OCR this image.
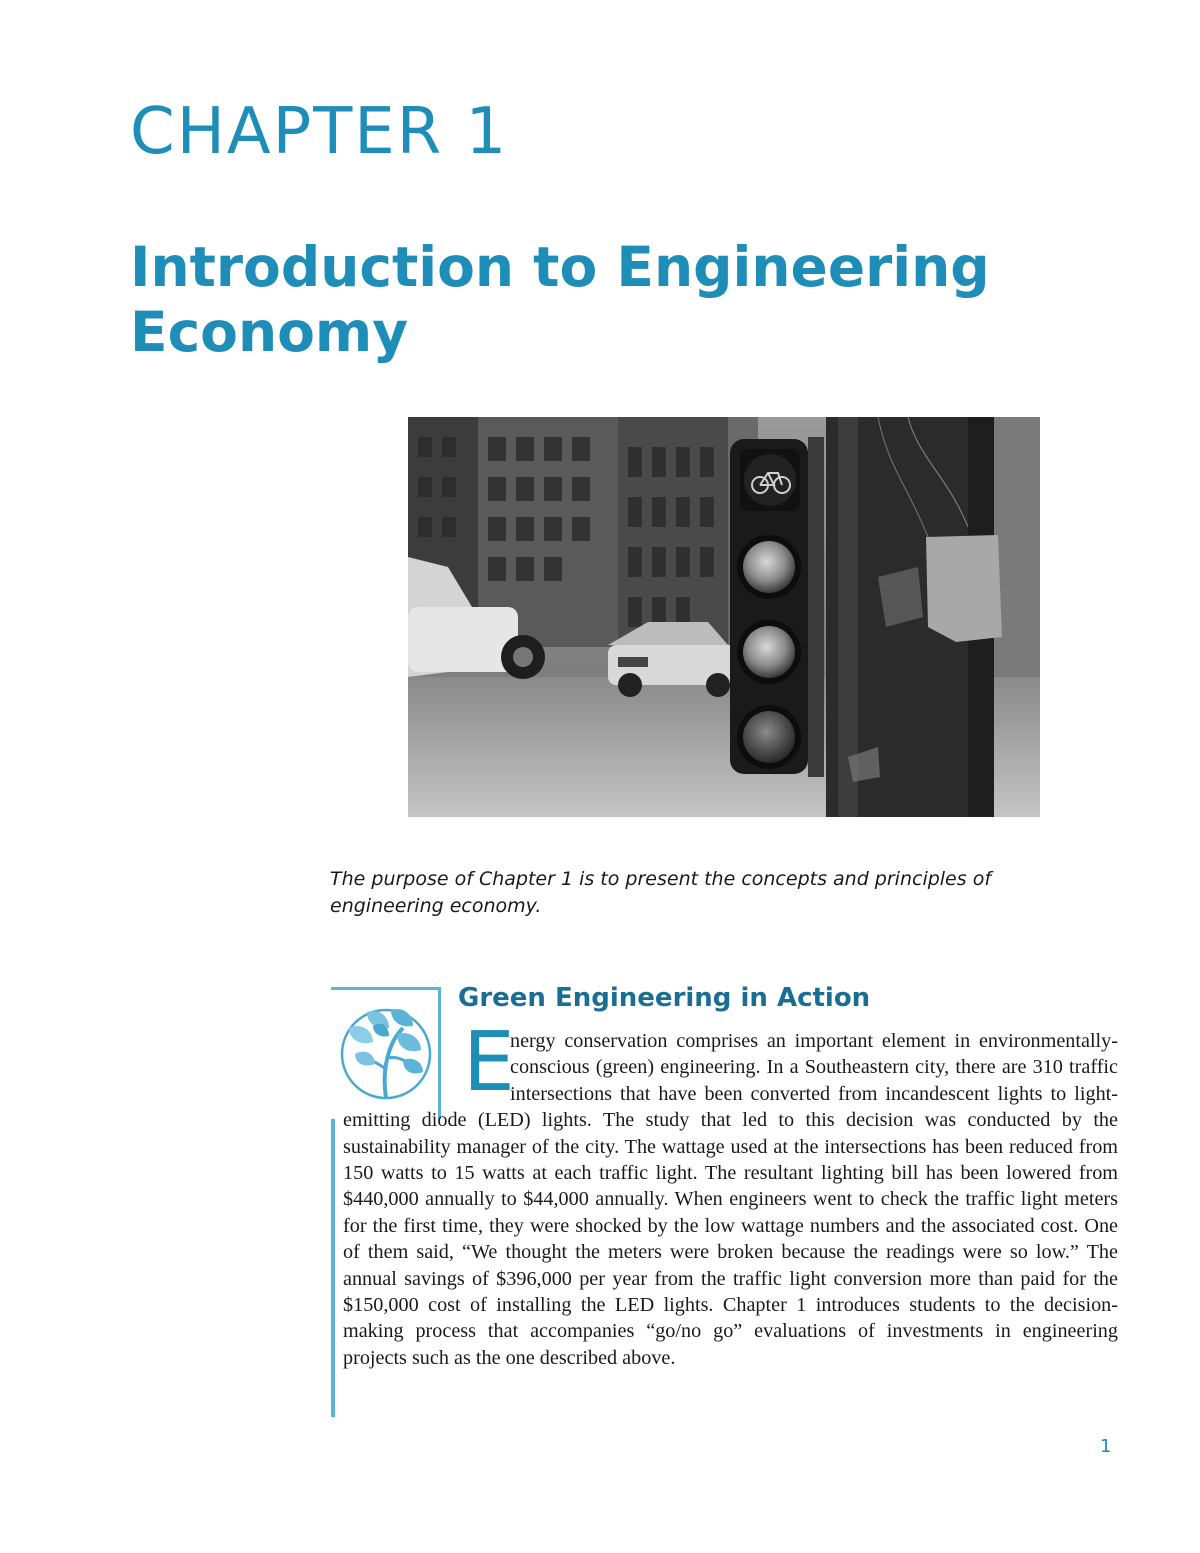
CHAPTER 1
Introduction to Engineering Economy
The purpose of Chapter 1 is to present the concepts and principles of engineering economy.
Green Engineering in Action
E
nergy conservation comprises an important element in environmentally-conscious (green) engineering. In a Southeastern city, there are 310 traffic intersections that have been converted from incandescent lights to light-emitting diode (LED) lights. The study that led to this decision was conducted by the sustainability manager of the city. The wattage used at the intersections has been reduced from 150 watts to 15 watts at each traffic light. The resultant lighting bill has been lowered from $440,000 annually to $44,000 annually. When engineers went to check the traffic light meters for the first time, they were shocked by the low wattage numbers and the associated cost. One of them said, “We thought the meters were broken because the readings were so low.” The annual savings of $396,000 per year from the traffic light conversion more than paid for the $150,000 cost of installing the LED lights. Chapter 1 introduces students to the decision-making process that accompanies “go/no go” evaluations of investments in engineering projects such as the one described above.
1
